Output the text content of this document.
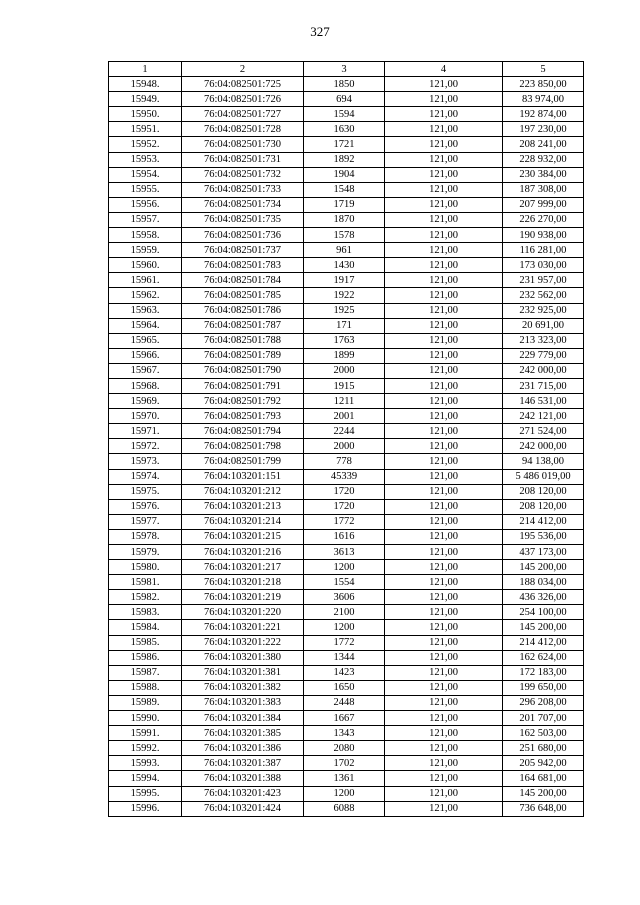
327
1	2	3	4	5
15948.	76:04:082501:725	1850	121,00	223 850,00
15949.	76:04:082501:726	694	121,00	83 974,00
15950.	76:04:082501:727	1594	121,00	192 874,00
15951.	76:04:082501:728	1630	121,00	197 230,00
15952.	76:04:082501:730	1721	121,00	208 241,00
15953.	76:04:082501:731	1892	121,00	228 932,00
15954.	76:04:082501:732	1904	121,00	230 384,00
15955.	76:04:082501:733	1548	121,00	187 308,00
15956.	76:04:082501:734	1719	121,00	207 999,00
15957.	76:04:082501:735	1870	121,00	226 270,00
15958.	76:04:082501:736	1578	121,00	190 938,00
15959.	76:04:082501:737	961	121,00	116 281,00
15960.	76:04:082501:783	1430	121,00	173 030,00
15961.	76:04:082501:784	1917	121,00	231 957,00
15962.	76:04:082501:785	1922	121,00	232 562,00
15963.	76:04:082501:786	1925	121,00	232 925,00
15964.	76:04:082501:787	171	121,00	20 691,00
15965.	76:04:082501:788	1763	121,00	213 323,00
15966.	76:04:082501:789	1899	121,00	229 779,00
15967.	76:04:082501:790	2000	121,00	242 000,00
15968.	76:04:082501:791	1915	121,00	231 715,00
15969.	76:04:082501:792	1211	121,00	146 531,00
15970.	76:04:082501:793	2001	121,00	242 121,00
15971.	76:04:082501:794	2244	121,00	271 524,00
15972.	76:04:082501:798	2000	121,00	242 000,00
15973.	76:04:082501:799	778	121,00	94 138,00
15974.	76:04:103201:151	45339	121,00	5 486 019,00
15975.	76:04:103201:212	1720	121,00	208 120,00
15976.	76:04:103201:213	1720	121,00	208 120,00
15977.	76:04:103201:214	1772	121,00	214 412,00
15978.	76:04:103201:215	1616	121,00	195 536,00
15979.	76:04:103201:216	3613	121,00	437 173,00
15980.	76:04:103201:217	1200	121,00	145 200,00
15981.	76:04:103201:218	1554	121,00	188 034,00
15982.	76:04:103201:219	3606	121,00	436 326,00
15983.	76:04:103201:220	2100	121,00	254 100,00
15984.	76:04:103201:221	1200	121,00	145 200,00
15985.	76:04:103201:222	1772	121,00	214 412,00
15986.	76:04:103201:380	1344	121,00	162 624,00
15987.	76:04:103201:381	1423	121,00	172 183,00
15988.	76:04:103201:382	1650	121,00	199 650,00
15989.	76:04:103201:383	2448	121,00	296 208,00
15990.	76:04:103201:384	1667	121,00	201 707,00
15991.	76:04:103201:385	1343	121,00	162 503,00
15992.	76:04:103201:386	2080	121,00	251 680,00
15993.	76:04:103201:387	1702	121,00	205 942,00
15994.	76:04:103201:388	1361	121,00	164 681,00
15995.	76:04:103201:423	1200	121,00	145 200,00
15996.	76:04:103201:424	6088	121,00	736 648,00
